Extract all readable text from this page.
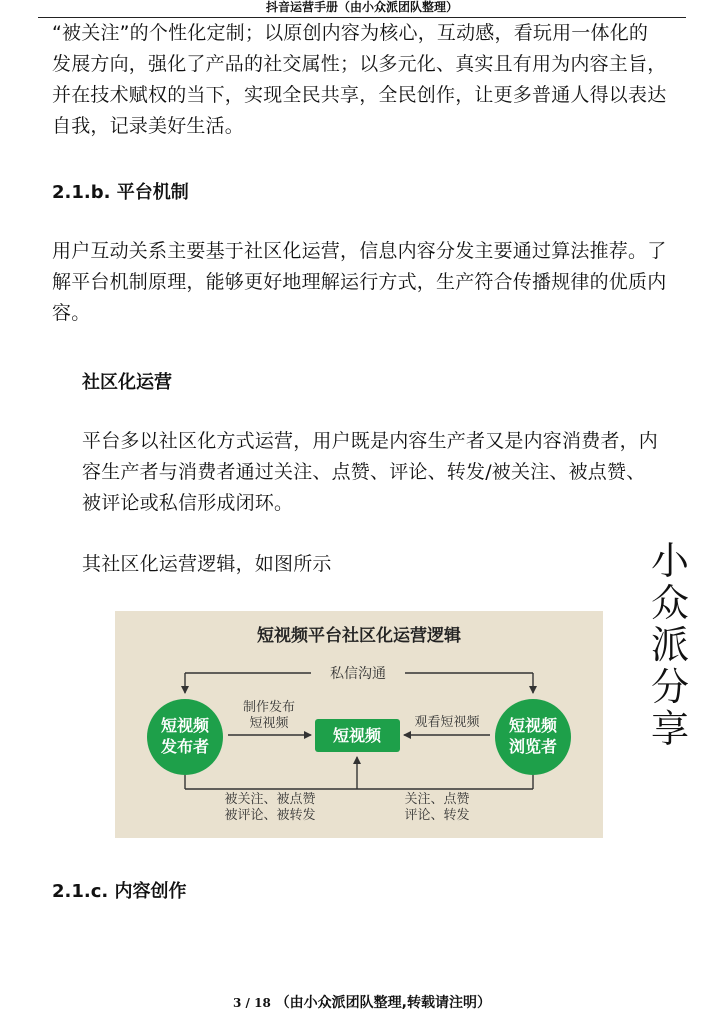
抖音运营手册（由小众派团队整理）
“被关注”的个性化定制；以原创内容为核心，互动感，看玩用一体化的
发展方向，强化了产品的社交属性；以多元化、真实且有用为内容主旨，
并在技术赋权的当下，实现全民共享，全民创作，让更多普通人得以表达
自我，记录美好生活。
2.1.b. 平台机制
用户互动关系主要基于社区化运营，信息内容分发主要通过算法推荐。了
解平台机制原理，能够更好地理解运行方式，生产符合传播规律的优质内
容。
社区化运营
平台多以社区化方式运营，用户既是内容生产者又是内容消费者，内
容生产者与消费者通过关注、点赞、评论、转发/被关注、被点赞、
被评论或私信形成闭环。
其社区化运营逻辑，如图所示	小
众
派
分
享
短视频平台社区化运营逻辑
私信沟通
短视频
发布者
短视频
浏览者
短视频
制作发布
短视频	观看短视频
被关注、被点赞
被评论、被转发
关注、点赞
评论、转发
2.1.c. 内容创作
3 / 18 （由小众派团队整理,转载请注明）
